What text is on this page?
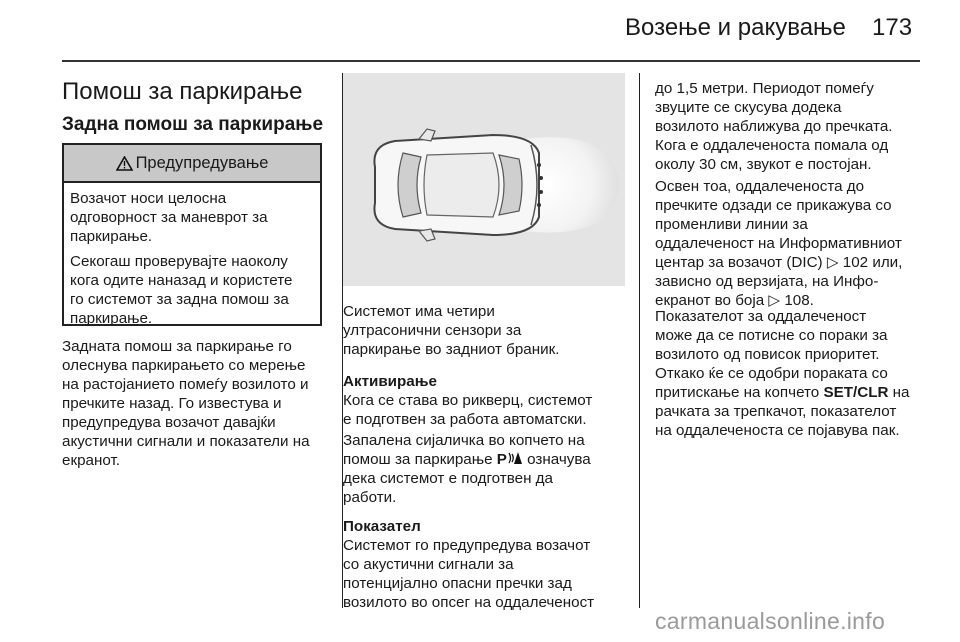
Возење и ракување 173
Помош за паркирање
Задна помош за паркирање
Предупредување

Возачот носи целосна
одговорност за маневрот за
паркирање.

Секогаш проверувајте наоколу
кога одите наназад и користете
го системот за задна помош за
паркирање.

Задната помош за паркирање го
олеснува паркирањето со мерење
на растојанието помеѓу возилото и
пречките назад. Го известува и
предупредува возачот давајќи
акустични сигнали и показатели на
екранот.

Системот има четири
ултрасонични сензори за
паркирање во задниот браник.

Активирање

Кога се става во рикверц, системот
е подготвен за работа автоматски.

Запалена сијаличка во копчето на
помош за паркирање P означува
дека системот е подготвен да
работи.

Показател

Системот го предупредува возачот
со акустични сигнали за
потенцијално опасни пречки зад
возилото во опсег на оддалеченост

до 1,5 метри. Периодот помеѓу
звуците се скусува додека
возилото наближува до пречката.
Кога е оддалеченоста помала од
околу 30 см, звукот е постојан.

Освен тоа, оддалеченоста до
пречките одзади се прикажува со
променливи линии за
оддалеченост на Информативниот
центар за возачот (DIC) ▷ 102 или,
зависно од верзијата, на Инфо-
екранот во боја ▷ 108.

Показателот за оддалеченост
може да се потисне со пораки за
возилото од повисок приоритет.
Откако ќе се одобри пораката со
притискање на копчето SET/CLR на
рачката за трепкачот, показателот
на оддалеченоста се појавува пак.

carmanualsonline.info
